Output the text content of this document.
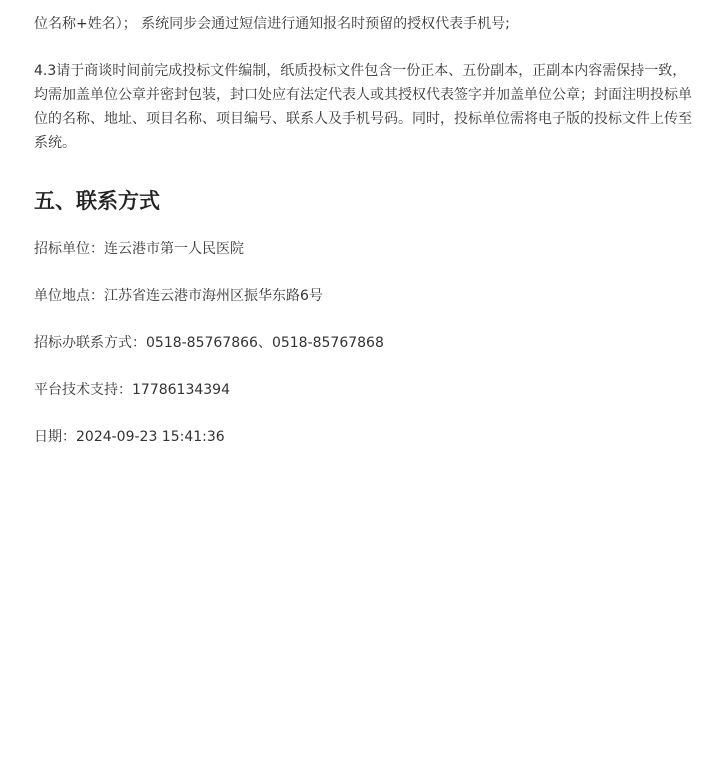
位名称+姓名）； 系统同步会通过短信进行通知报名时预留的授权代表手机号;

4.3请于商谈时间前完成投标文件编制，纸质投标文件包含一份正本、五份副本，正副本内容需保持一致，均需加盖单位公章并密封包装，封口处应有法定代表人或其授权代表签字并加盖单位公章；封面注明投标单位的名称、地址、项目名称、项目编号、联系人及手机号码。同时，投标单位需将电子版的投标文件上传至系统。

五、联系方式

招标单位：连云港市第一人民医院

单位地点：江苏省连云港市海州区振华东路6号

招标办联系方式：0518-85767866、0518-85767868

平台技术支持：17786134394

日期：2024-09-23 15:41:36
